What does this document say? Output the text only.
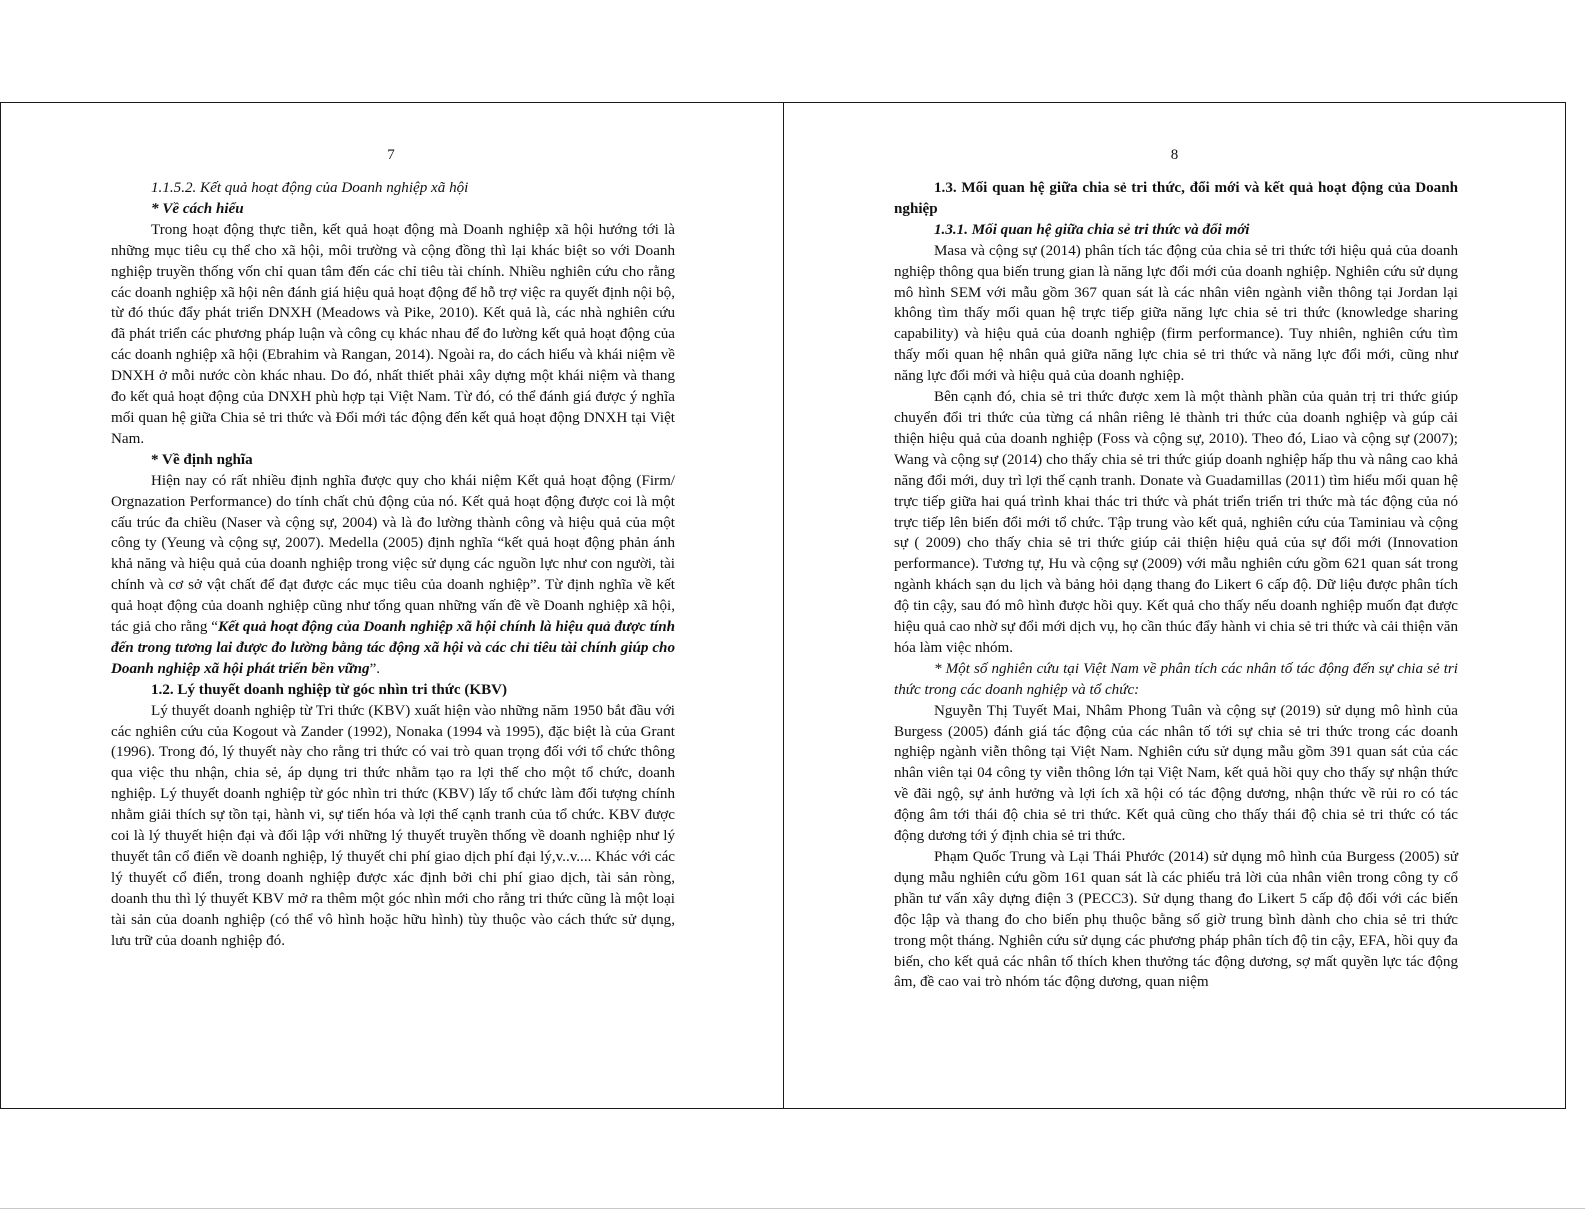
7

1.1.5.2. Kết quả hoạt động của Doanh nghiệp xã hội

* Về cách hiểu

Trong hoạt động thực tiễn, kết quả hoạt động mà Doanh nghiệp xã hội hướng tới là những mục tiêu cụ thể cho xã hội, môi trường và cộng đồng thì lại khác biệt so với Doanh nghiệp truyền thống vốn chỉ quan tâm đến các chỉ tiêu tài chính. Nhiều nghiên cứu cho rằng các doanh nghiệp xã hội nên đánh giá hiệu quả hoạt động để hỗ trợ việc ra quyết định nội bộ, từ đó thúc đẩy phát triển DNXH (Meadows và Pike, 2010). Kết quả là, các nhà nghiên cứu đã phát triển các phương pháp luận và công cụ khác nhau để đo lường kết quả hoạt động của các doanh nghiệp xã hội (Ebrahim và Rangan, 2014). Ngoài ra, do cách hiểu và khái niệm về DNXH ở mỗi nước còn khác nhau. Do đó, nhất thiết phải xây dựng một khái niệm và thang đo kết quả hoạt động của DNXH phù hợp tại Việt Nam. Từ đó, có thể đánh giá được ý nghĩa mối quan hệ giữa Chia sẻ tri thức và Đổi mới tác động đến kết quả hoạt động DNXH tại Việt Nam.

* Về định nghĩa

Hiện nay có rất nhiều định nghĩa được quy cho khái niệm Kết quả hoạt động (Firm/ Orgnazation Performance) do tính chất chủ động của nó. Kết quả hoạt động được coi là một cấu trúc đa chiều (Naser và cộng sự, 2004) và là đo lường thành công và hiệu quả của một công ty (Yeung và cộng sự, 2007). Medella (2005) định nghĩa “kết quả hoạt động phản ánh khả năng và hiệu quả của doanh nghiệp trong việc sử dụng các nguồn lực như con người, tài chính và cơ sở vật chất để đạt được các mục tiêu của doanh nghiệp”. Từ định nghĩa về kết quả hoạt động của doanh nghiệp cũng như tổng quan những vấn đề về Doanh nghiệp xã hội, tác giả cho rằng “Kết quả hoạt động của Doanh nghiệp xã hội chính là hiệu quả được tính đến trong tương lai được đo lường bằng tác động xã hội và các chỉ tiêu tài chính giúp cho Doanh nghiệp xã hội phát triển bền vững”.

1.2. Lý thuyết doanh nghiệp từ góc nhìn tri thức (KBV)

Lý thuyết doanh nghiệp từ Tri thức (KBV) xuất hiện vào những năm 1950 bắt đầu với các nghiên cứu của Kogout và Zander (1992), Nonaka (1994 và 1995), đặc biệt là của Grant (1996). Trong đó, lý thuyết này cho rằng tri thức có vai trò quan trọng đối với tổ chức thông qua việc thu nhận, chia sẻ, áp dụng tri thức nhằm tạo ra lợi thế cho một tổ chức, doanh nghiệp. Lý thuyết doanh nghiệp từ góc nhìn tri thức (KBV) lấy tổ chức làm đối tượng chính nhằm giải thích sự tồn tại, hành vi, sự tiến hóa và lợi thế cạnh tranh của tổ chức. KBV được coi là lý thuyết hiện đại và đối lập với những lý thuyết truyền thống về doanh nghiệp như lý thuyết tân cổ điển về doanh nghiệp, lý thuyết chi phí giao dịch phí đại lý,v..v.... Khác với các lý thuyết cổ điển, trong doanh nghiệp được xác định bởi chi phí giao dịch, tài sản ròng, doanh thu thì lý thuyết KBV mở ra thêm một góc nhìn mới cho rằng tri thức cũng là một loại tài sản của doanh nghiệp (có thể vô hình hoặc hữu hình) tùy thuộc vào cách thức sử dụng, lưu trữ của doanh nghiệp đó.

8

1.3. Mối quan hệ giữa chia sẻ tri thức, đổi mới và kết quả hoạt động của Doanh nghiệp

1.3.1. Mối quan hệ giữa chia sẻ tri thức và đổi mới

Masa và cộng sự (2014) phân tích tác động của chia sẻ tri thức tới hiệu quả của doanh nghiệp thông qua biến trung gian là năng lực đổi mới của doanh nghiệp. Nghiên cứu sử dụng mô hình SEM với mẫu gồm 367 quan sát là các nhân viên ngành viễn thông tại Jordan lại không tìm thấy mối quan hệ trực tiếp giữa năng lực chia sẻ tri thức (knowledge sharing capability) và hiệu quả của doanh nghiệp (firm performance). Tuy nhiên, nghiên cứu tìm thấy mối quan hệ nhân quả giữa năng lực chia sẻ tri thức và năng lực đổi mới, cũng như năng lực đổi mới và hiệu quả của doanh nghiệp.

Bên cạnh đó, chia sẻ tri thức được xem là một thành phần của quản trị tri thức giúp chuyển đổi tri thức của từng cá nhân riêng lẻ thành tri thức của doanh nghiệp và gúp cải thiện hiệu quả của doanh nghiệp (Foss và cộng sự, 2010). Theo đó, Liao và cộng sự (2007); Wang và cộng sự (2014) cho thấy chia sẻ tri thức giúp doanh nghiệp hấp thu và nâng cao khả năng đổi mới, duy trì lợi thế cạnh tranh. Donate và Guadamillas (2011) tìm hiểu mối quan hệ trực tiếp giữa hai quá trình khai thác tri thức và phát triển triển tri thức mà tác động của nó trực tiếp lên biến đổi mới tổ chức. Tập trung vào kết quả, nghiên cứu của Taminiau và cộng sự ( 2009) cho thấy chia sẻ tri thức giúp cải thiện hiệu quả của sự đổi mới (Innovation performance). Tương tự, Hu và cộng sự (2009) với mẫu nghiên cứu gồm 621 quan sát trong ngành khách sạn du lịch và bảng hỏi dạng thang đo Likert 6 cấp độ. Dữ liệu được phân tích độ tin cậy, sau đó mô hình được hồi quy. Kết quả cho thấy nếu doanh nghiệp muốn đạt được hiệu quả cao nhờ sự đổi mới dịch vụ, họ cần thúc đẩy hành vi chia sẻ tri thức và cải thiện văn hóa làm việc nhóm.

* Một số nghiên cứu tại Việt Nam về phân tích các nhân tố tác động đến sự chia sẻ tri thức trong các doanh nghiệp và tổ chức:

Nguyễn Thị Tuyết Mai, Nhâm Phong Tuân và cộng sự (2019) sử dụng mô hình của Burgess (2005) đánh giá tác động của các nhân tố tới sự chia sẻ tri thức trong các doanh nghiệp ngành viễn thông tại Việt Nam. Nghiên cứu sử dụng mẫu gồm 391 quan sát của các nhân viên tại 04 công ty viễn thông lớn tại Việt Nam, kết quả hồi quy cho thấy sự nhận thức về đãi ngộ, sự ảnh hưởng và lợi ích xã hội có tác động dương, nhận thức về rủi ro có tác động âm tới thái độ chia sẻ tri thức. Kết quả cũng cho thấy thái độ chia sẻ tri thức có tác động dương tới ý định chia sẻ tri thức.

Phạm Quốc Trung và Lại Thái Phước (2014) sử dụng mô hình của Burgess (2005) sử dụng mẫu nghiên cứu gồm 161 quan sát là các phiếu trả lời của nhân viên trong công ty cổ phần tư vấn xây dựng điện 3 (PECC3). Sử dụng thang đo Likert 5 cấp độ đối với các biến độc lập và thang đo cho biến phụ thuộc bằng số giờ trung bình dành cho chia sẻ tri thức trong một tháng. Nghiên cứu sử dụng các phương pháp phân tích độ tin cậy, EFA, hồi quy đa biến, cho kết quả các nhân tố thích khen thưởng tác động dương, sợ mất quyền lực tác động âm, đề cao vai trò nhóm tác động dương, quan niệm
